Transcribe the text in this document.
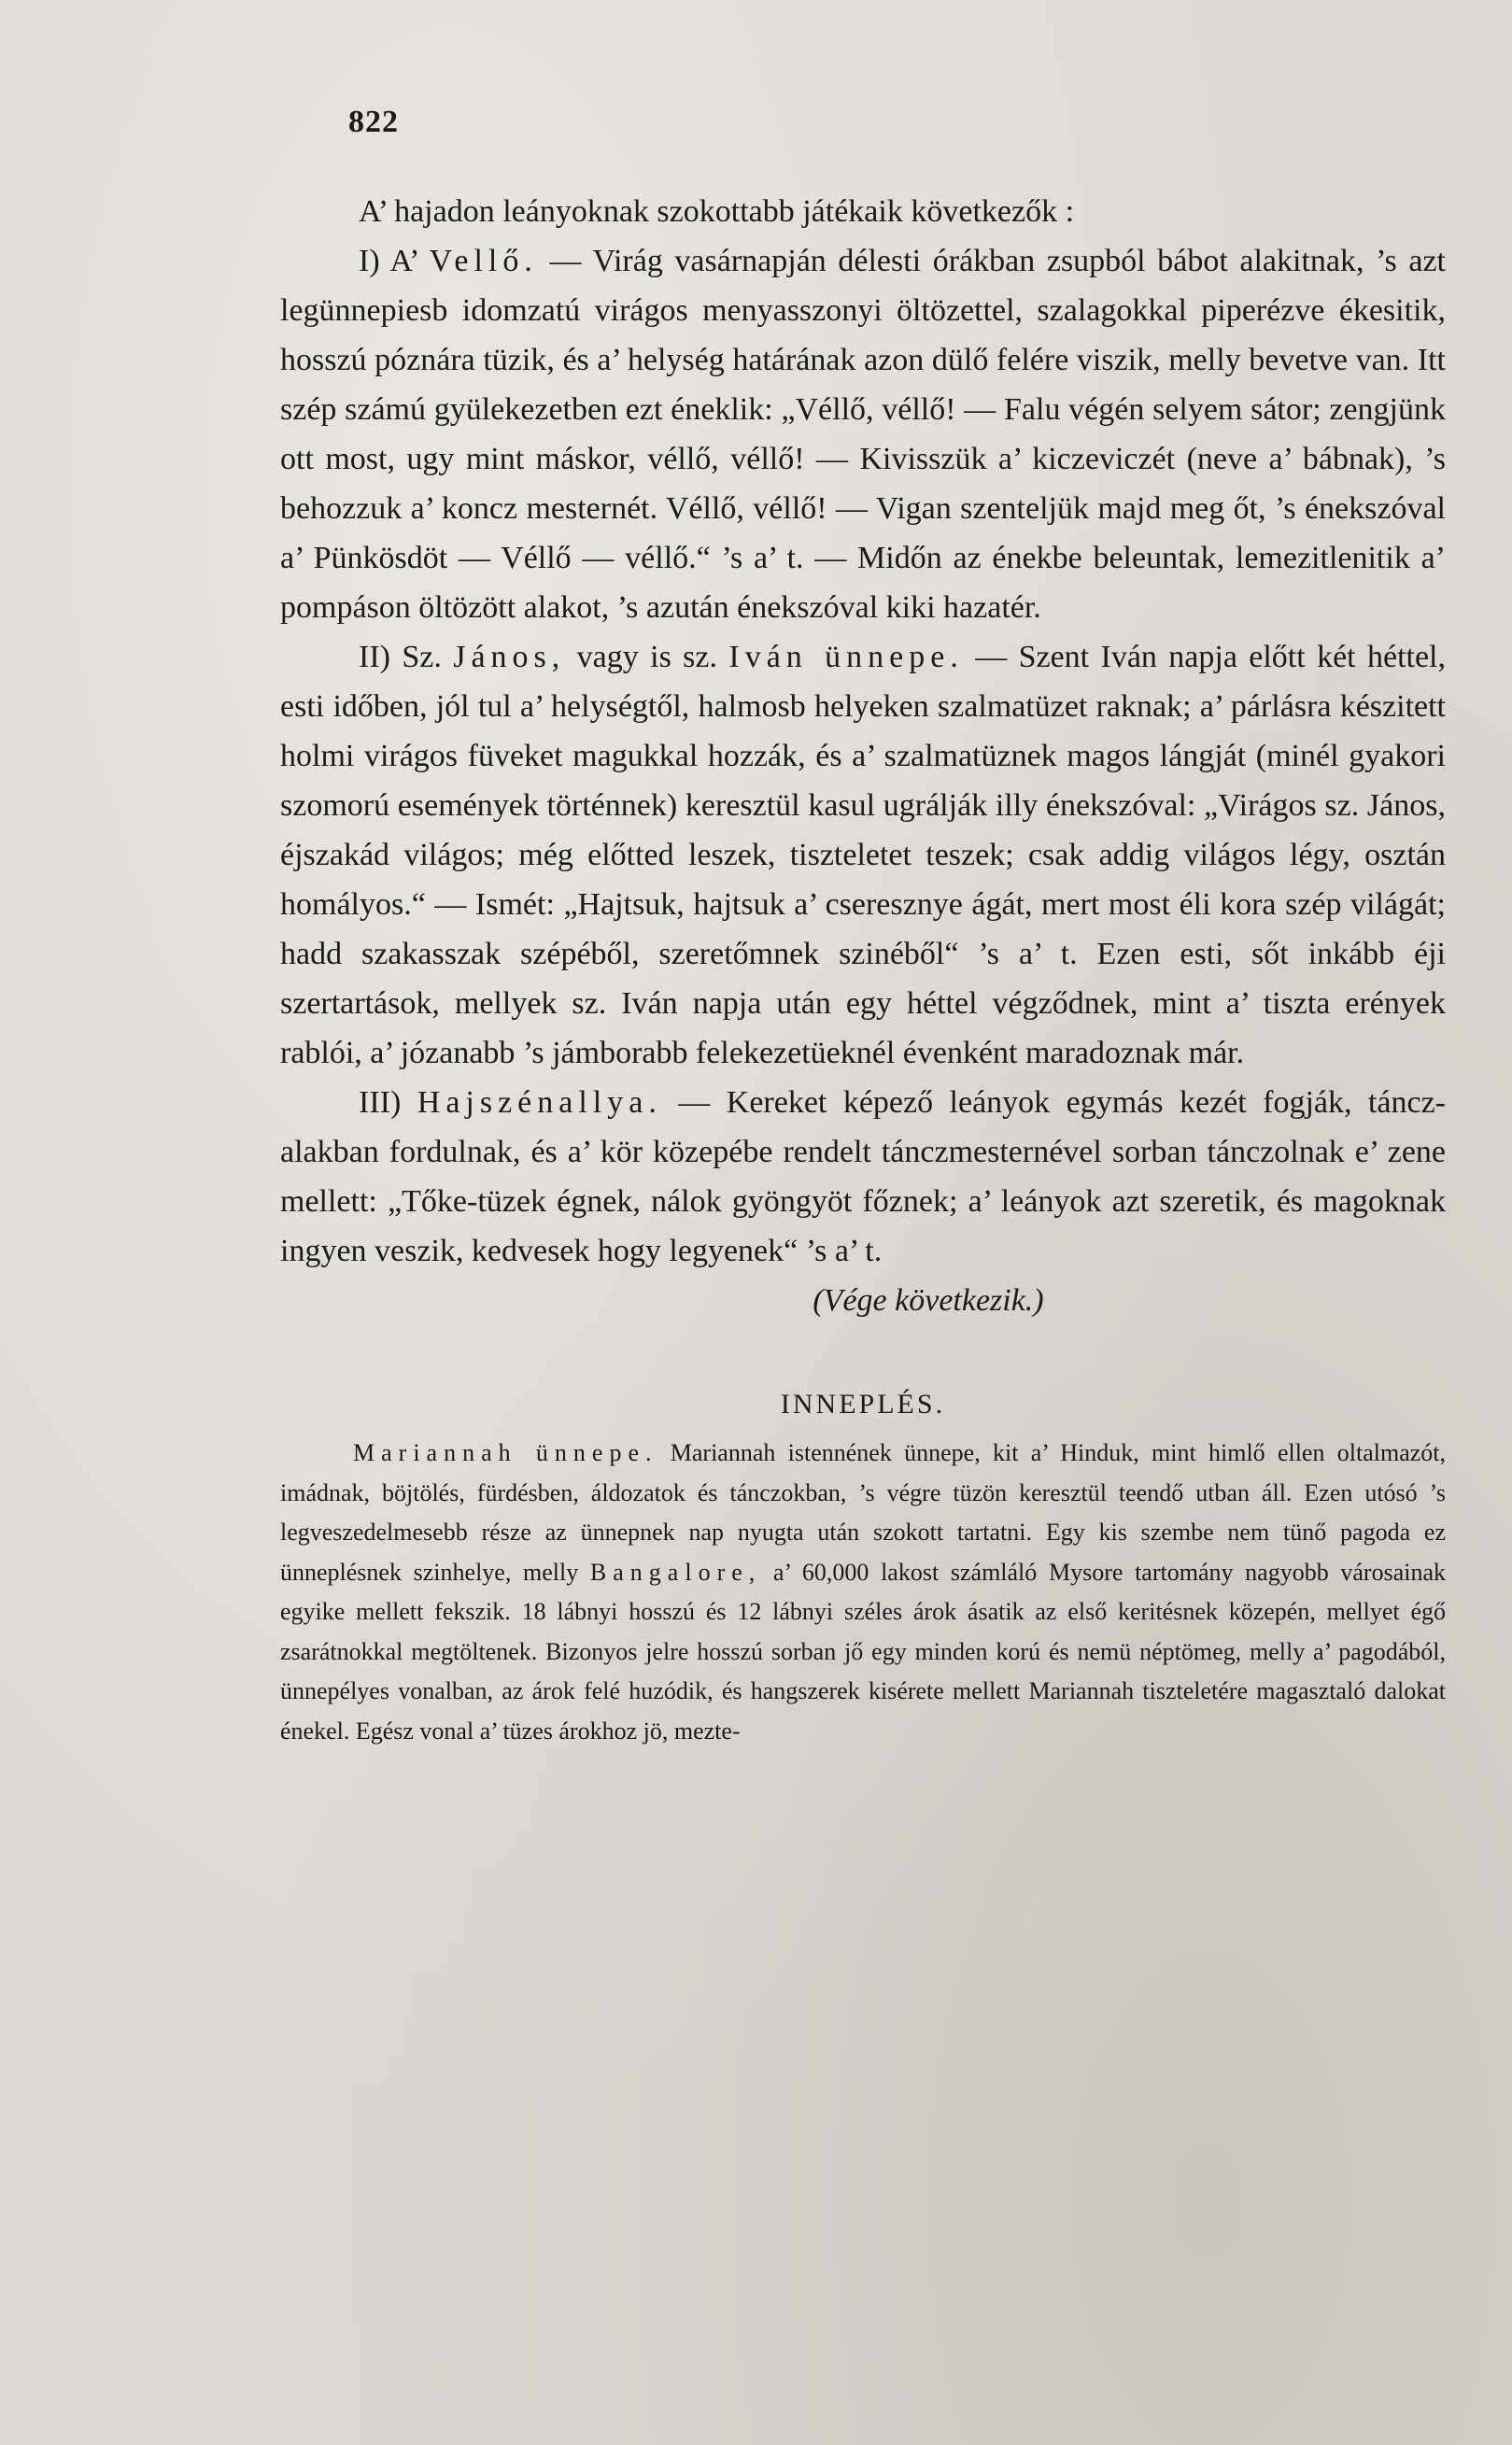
822

A’ hajadon leányoknak szokottabb játékaik következők :

I) A’ Vellő. — Virág vasárnapján délesti órákban zsupból bábot alakitnak, ’s azt legünnepiesb idomzatú virágos menyasszonyi öltözettel, szalagokkal piperézve ékesitik, hosszú póznára tüzik, és a’ helység határának azon dülő felére viszik, melly bevetve van. Itt szép számú gyülekezetben ezt éneklik: „Véllő, véllő! — Falu végén selyem sátor; zengjünk ott most, ugy mint máskor, véllő, véllő! — Kivisszük a’ kiczeviczét (neve a’ bábnak), ’s behozzuk a’ koncz mesternét. Véllő, véllő! — Vigan szenteljük majd meg őt, ’s énekszóval a’ Pünkösdöt — Véllő — véllő.“ ’s a’ t. — Midőn az énekbe beleuntak, lemezitlenitik a’ pompáson öltözött alakot, ’s azután énekszóval kiki hazatér.

II) Sz. János, vagy is sz. Iván ünnepe. — Szent Iván napja előtt két héttel, esti időben, jól tul a’ helységtől, halmosb helyeken szalmatüzet raknak; a’ párlásra készitett holmi virágos füveket magukkal hozzák, és a’ szalmatüznek magos lángját (minél gyakori szomorú események történnek) keresztül kasul ugrálják illy énekszóval: „Virágos sz. János, éjszakád világos; még előtted leszek, tiszteletet teszek; csak addig világos légy, osztán homályos.“ — Ismét: „Hajtsuk, hajtsuk a’ cseresznye ágát, mert most éli kora szép világát; hadd szakasszak szépéből, szeretőmnek szinéből“ ’s a’ t. Ezen esti, sőt inkább éji szertartások, mellyek sz. Iván napja után egy héttel végződnek, mint a’ tiszta erények rablói, a’ józanabb ’s jámborabb felekezetüeknél évenként maradoznak már.

III) Hajszénallya. — Kereket képező leányok egymás kezét fogják, táncz-alakban fordulnak, és a’ kör közepébe rendelt tánczmesternével sorban tánczolnak e’ zene mellett: „Tőke-tüzek égnek, nálok gyöngyöt főznek; a’ leányok azt szeretik, és magoknak ingyen veszik, kedvesek hogy legyenek“ ’s a’ t.

(Vége következik.)
INNEPLÉS.

Mariannah ünnepe. Mariannah istennének ünnepe, kit a’ Hinduk, mint himlő ellen oltalmazót, imádnak, böjtölés, fürdésben, áldozatok és tánczokban, ’s végre tüzön keresztül teendő utban áll. Ezen utósó ’s legveszedelmesebb része az ünnepnek nap nyugta után szokott tartatni. Egy kis szembe nem tünő pagoda ez ünneplésnek szinhelye, melly Bangalore, a’ 60,000 lakost számláló Mysore tartomány nagyobb városainak egyike mellett fekszik. 18 lábnyi hosszú és 12 lábnyi széles árok ásatik az első keritésnek közepén, mellyet égő zsarátnokkal megtöltenek. Bizonyos jelre hosszú sorban jő egy minden korú és nemü néptömeg, melly a’ pagodából, ünnepélyes vonalban, az árok felé huzódik, és hangszerek kisérete mellett Mariannah tiszteletére magasztaló dalokat énekel. Egész vonal a’ tüzes árokhoz jö, mezte-
